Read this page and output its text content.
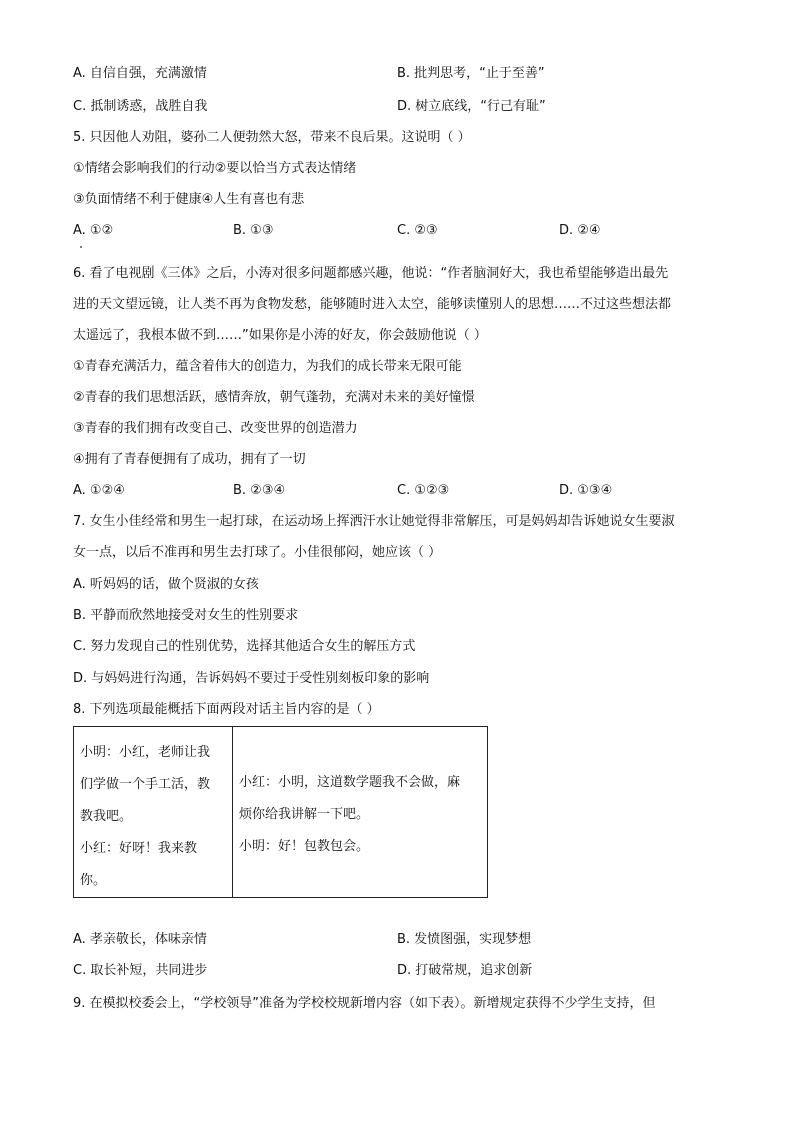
A. 自信自强，充满激情	B. 批判思考，“止于至善”
C. 抵制诱惑，战胜自我	D. 树立底线，“行己有耻”
5. 只因他人劝阻，婆孙二人便勃然大怒，带来不良后果。这说明（ ）
①情绪会影响我们的行动②要以恰当方式表达情绪
③负面情绪不利于健康④人生有喜也有悲
A. ①②	B. ①③	C. ②③	D. ②④
6. 看了电视剧《三体》之后，小涛对很多问题都感兴趣，他说：“作者脑洞好大，我也希望能够造出最先
进的天文望远镜，让人类不再为食物发愁，能够随时进入太空，能够读懂别人的思想……不过这些想法都
太遥远了，我根本做不到……”如果你是小涛的好友，你会鼓励他说（ ）
①青春充满活力，蕴含着伟大的创造力，为我们的成长带来无限可能
②青春的我们思想活跃，感情奔放，朝气蓬勃，充满对未来的美好憧憬
③青春的我们拥有改变自己、改变世界的创造潜力
④拥有了青春便拥有了成功，拥有了一切
A. ①②④	B. ②③④	C. ①②③	D. ①③④
7. 女生小佳经常和男生一起打球，在运动场上挥洒汗水让她觉得非常解压，可是妈妈却告诉她说女生要淑
女一点，以后不准再和男生去打球了。小佳很郁闷，她应该（ ）
A. 听妈妈的话，做个贤淑的女孩
B. 平静而欣然地接受对女生的性别要求
C. 努力发现自己的性别优势，选择其他适合女生的解压方式
D. 与妈妈进行沟通，告诉妈妈不要过于受性别刻板印象的影响
8. 下列选项最能概括下面两段对话主旨内容的是（ ）
小明：小红，老师让我
们学做一个手工活，教
教我吧。
小红：好呀！我来教
你。

小红：小明，这道数学题我不会做，麻
烦你给我讲解一下吧。
小明：好！包教包会。
A. 孝亲敬长，体味亲情	B. 发愤图强，实现梦想
C. 取长补短，共同进步	D. 打破常规，追求创新
9. 在模拟校委会上，“学校领导”准备为学校校规新增内容（如下表）。新增规定获得不少学生支持，但
